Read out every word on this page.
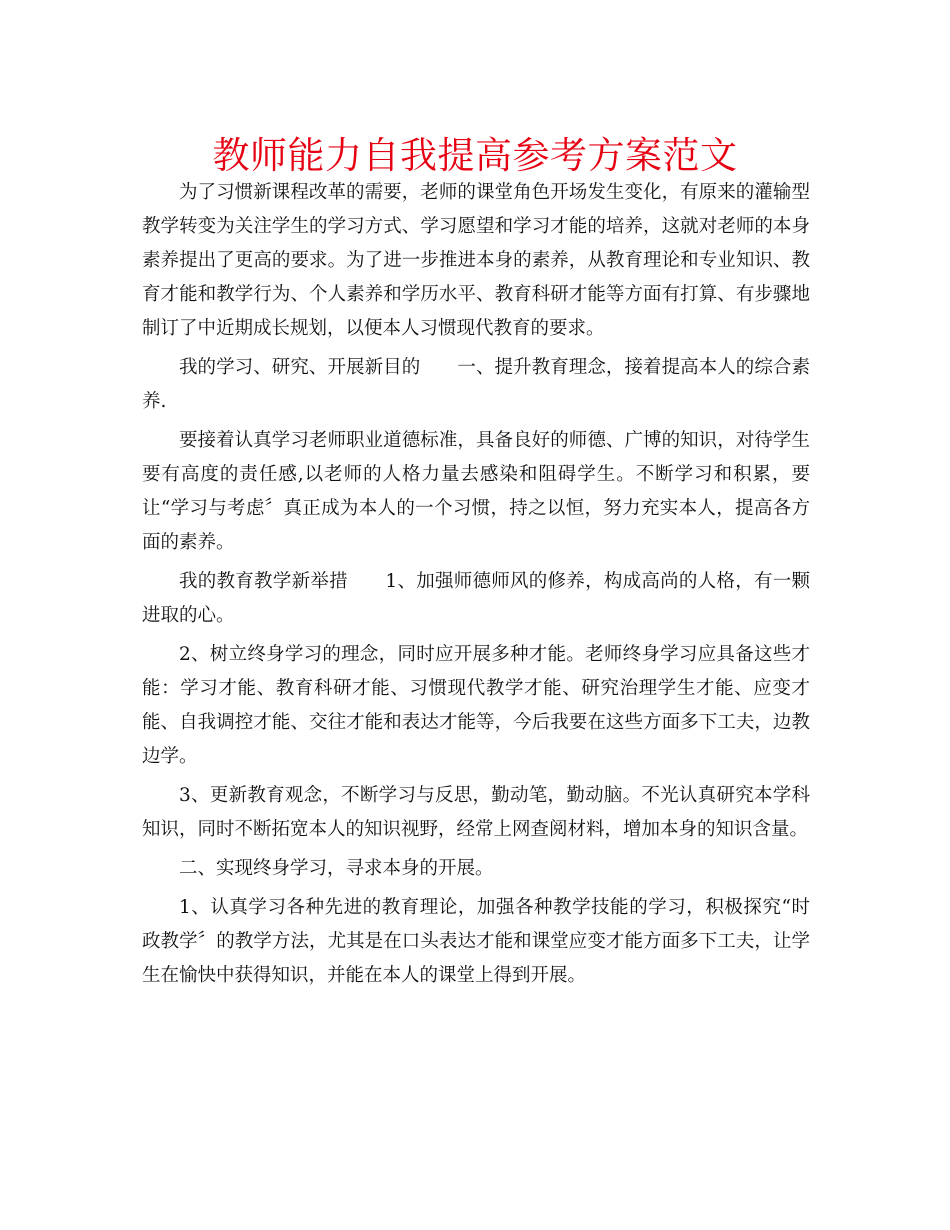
教师能力自我提高参考方案范文

为了习惯新课程改革的需要，老师的课堂角色开场发生变化，有原来的灌输型教学转变为关注学生的学习方式、学习愿望和学习才能的培养，这就对老师的本身素养提出了更高的要求。为了进一步推进本身的素养，从教育理论和专业知识、教育才能和教学行为、个人素养和学历水平、教育科研才能等方面有打算、有步骤地制订了中近期成长规划，以便本人习惯现代教育的要求。

我的学习、研究、开展新目的　　一、提升教育理念，接着提高本人的综合素养.

要接着认真学习老师职业道德标准，具备良好的师德、广博的知识，对待学生要有高度的责任感,以老师的人格力量去感染和阻碍学生。不断学习和积累，要让“学习与考虑〞真正成为本人的一个习惯，持之以恒，努力充实本人，提高各方面的素养。

我的教育教学新举措　　1、加强师德师风的修养，构成高尚的人格，有一颗进取的心。

2、树立终身学习的理念，同时应开展多种才能。老师终身学习应具备这些才能：学习才能、教育科研才能、习惯现代教学才能、研究治理学生才能、应变才能、自我调控才能、交往才能和表达才能等，今后我要在这些方面多下工夫，边教边学。

3、更新教育观念，不断学习与反思，勤动笔，勤动脑。不光认真研究本学科知识，同时不断拓宽本人的知识视野，经常上网查阅材料，增加本身的知识含量。

二、实现终身学习，寻求本身的开展。

1、认真学习各种先进的教育理论，加强各种教学技能的学习，积极探究“时政教学〞的教学方法，尤其是在口头表达才能和课堂应变才能方面多下工夫，让学生在愉快中获得知识，并能在本人的课堂上得到开展。
